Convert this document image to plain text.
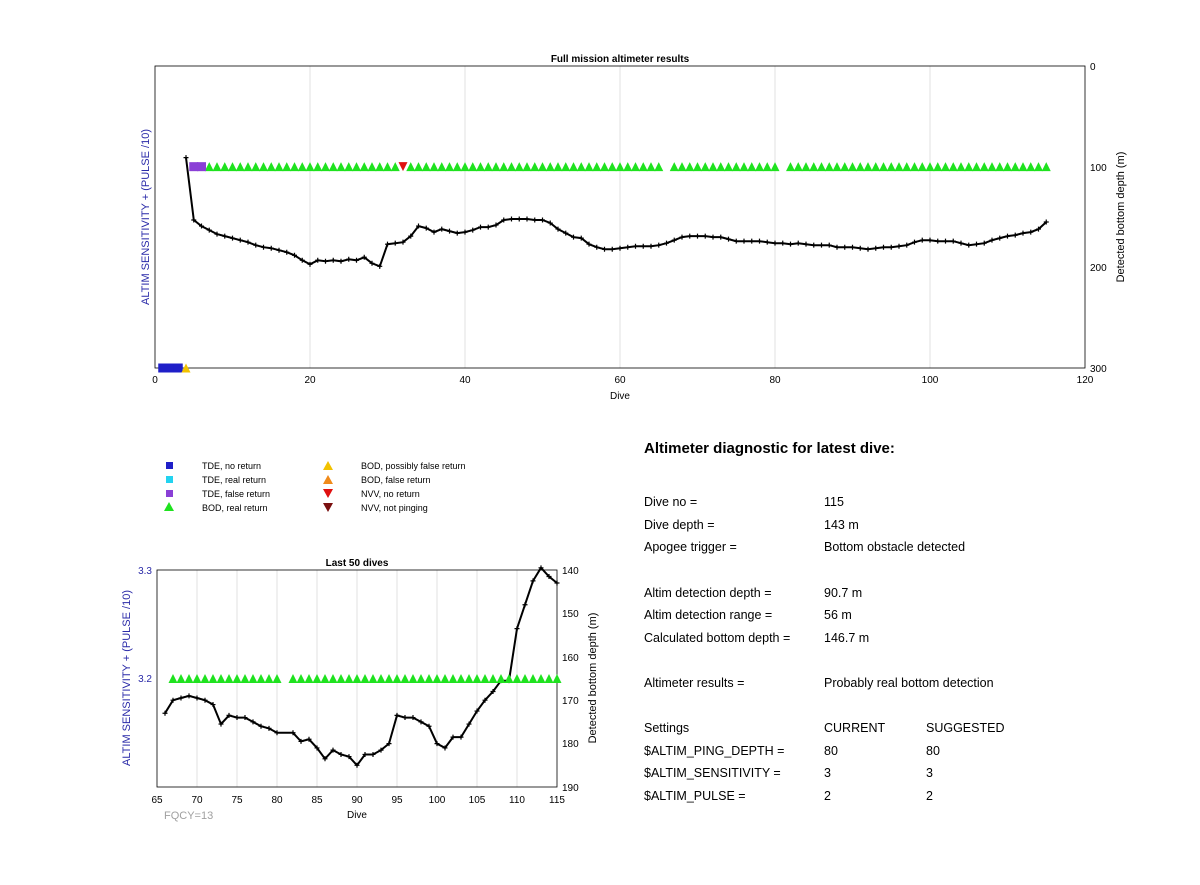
Full mission altimeter results
0	20	40	60	80	100	120
0
100
200
300
Dive
ALTIM SENSITIVITY + (PULSE /10)	Detected bottom depth (m)
TDE, no return
TDE, real return
TDE, false return
BOD, real return
BOD, possibly false return
BOD, false return
NVV, no return
NVV, not pinging
Last 50 dives
65	70	75	80	85	90	95	100 105 110 115
3.3
3.2
140
150
160
170
180
190
Dive
ALTIM SENSITIVITY + (PULSE /10)	Detected bottom depth (m)
FQCY=13
Altimeter diagnostic for latest dive:
Dive no =	115
Dive depth =	143 m
Apogee trigger =	Bottom obstacle detected
Altim detection depth =	90.7 m
Altim detection range =	56 m
Calculated bottom depth =	146.7 m
Altimeter results =	Probably real bottom detection
Settings	CURRENT	SUGGESTED
$ALTIM_PING_DEPTH =	80	80
$ALTIM_SENSITIVITY =	3	3
$ALTIM_PULSE =	2	2
